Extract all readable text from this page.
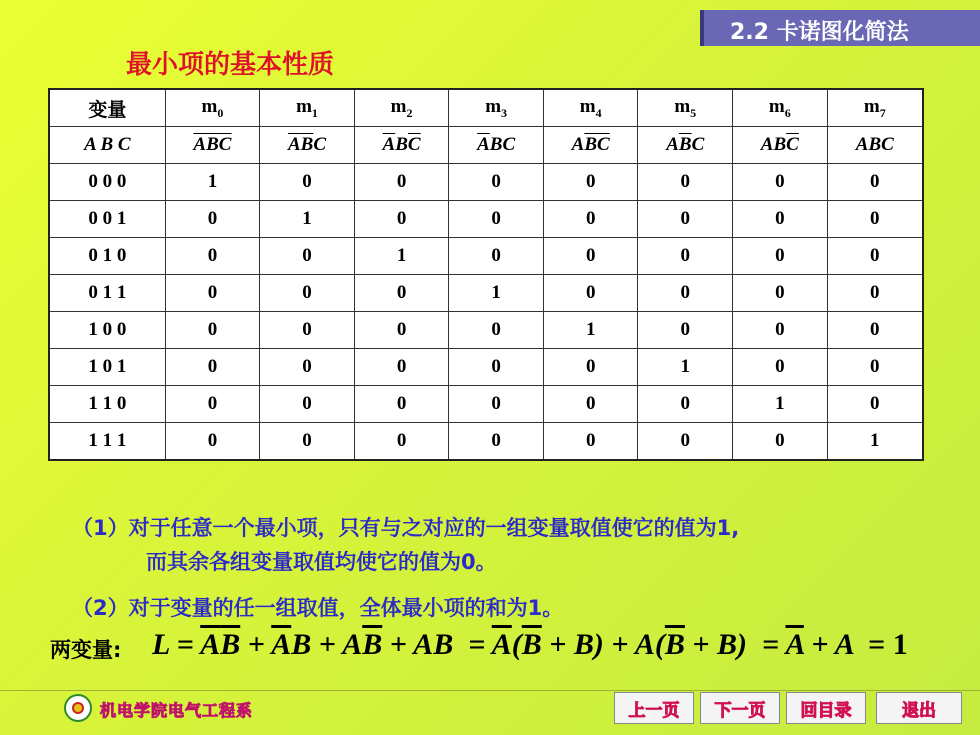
2.2 卡诺图化简法
最小项的基本性质
变量	$m_0$	$m_1$	$m_2$	$m_3$	$m_4$	$m_5$	$m_6$	$m_7$
A B C	$\overline{A}\overline{B}\overline{C}$	$\overline{A}\overline{B}C$	$\overline{A}B\overline{C}$	$\overline{A}BC$	$A\overline{B}\overline{C}$	$A\overline{B}C$	$AB\overline{C}$	ABC
0 0 0	1	0	0	0	0	0	0	0
0 0 1	0	1	0	0	0	0	0	0
0 1 0	0	0	1	0	0	0	0	0
0 1 1	0	0	0	1	0	0	0	0
1 0 0	0	0	0	0	1	0	0	0
1 0 1	0	0	0	0	0	1	0	0
1 1 0	0	0	0	0	0	0	1	0
1 1 1	0	0	0	0	0	0	0	1
（1）对于任意一个最小项，只有与之对应的一组变量取值使它的值为1,
而其余各组变量取值均使它的值为0。
（2）对于变量的任一组取值，全体最小项的和为1。
两变量: $L = \overline{A}\overline{B} + \overline{A}B + A\overline{B}$ + AB  = $\overline{A}(\overline{B} + B) + A(\overline{B} + B) = \overline{A} + A = 1$
机电学院电气工程系	上一页	下一页	回目录	退出
